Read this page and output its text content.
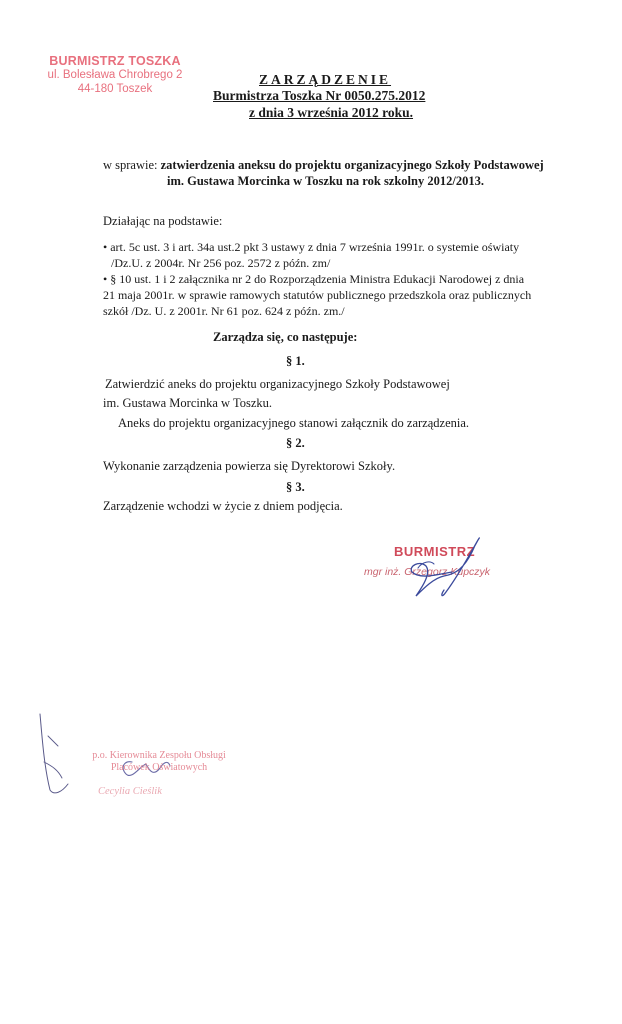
BURMISTRZ TOSZKA
ul. Bolesława Chrobrego 2
44-180 Toszek
ZARZĄDZENIE
Burmistrza Toszka Nr 0050.275.2012
z dnia 3 września 2012 roku.
w sprawie: zatwierdzenia aneksu do projektu organizacyjnego Szkoły Podstawowej
im. Gustawa Morcinka w Toszku na rok szkolny 2012/2013.
Działając na podstawie:
• art. 5c ust. 3 i art. 34a ust.2 pkt 3 ustawy z dnia 7 września 1991r. o systemie oświaty
/Dz.U. z 2004r. Nr 256 poz. 2572 z późn. zm/
• § 10 ust. 1 i 2 załącznika nr 2 do Rozporządzenia Ministra Edukacji Narodowej z dnia
21 maja 2001r. w sprawie ramowych statutów publicznego przedszkola oraz publicznych
szkół /Dz. U. z 2001r. Nr 61 poz. 624 z późn. zm./
Zarządza się, co następuje:
§ 1.
Zatwierdzić aneks do projektu organizacyjnego Szkoły Podstawowej
im. Gustawa Morcinka w Toszku.
Aneks do projektu organizacyjnego stanowi załącznik do zarządzenia.
§ 2.
Wykonanie zarządzenia powierza się Dyrektorowi Szkoły.
§ 3.
Zarządzenie wchodzi w życie z dniem podjęcia.
BURMISTRZ
mgr inż. Grzegorz Kupczyk

p.o. Kierownika Zespołu Obsługi
Placówek Oświatowych
Cecylia Cieślik
